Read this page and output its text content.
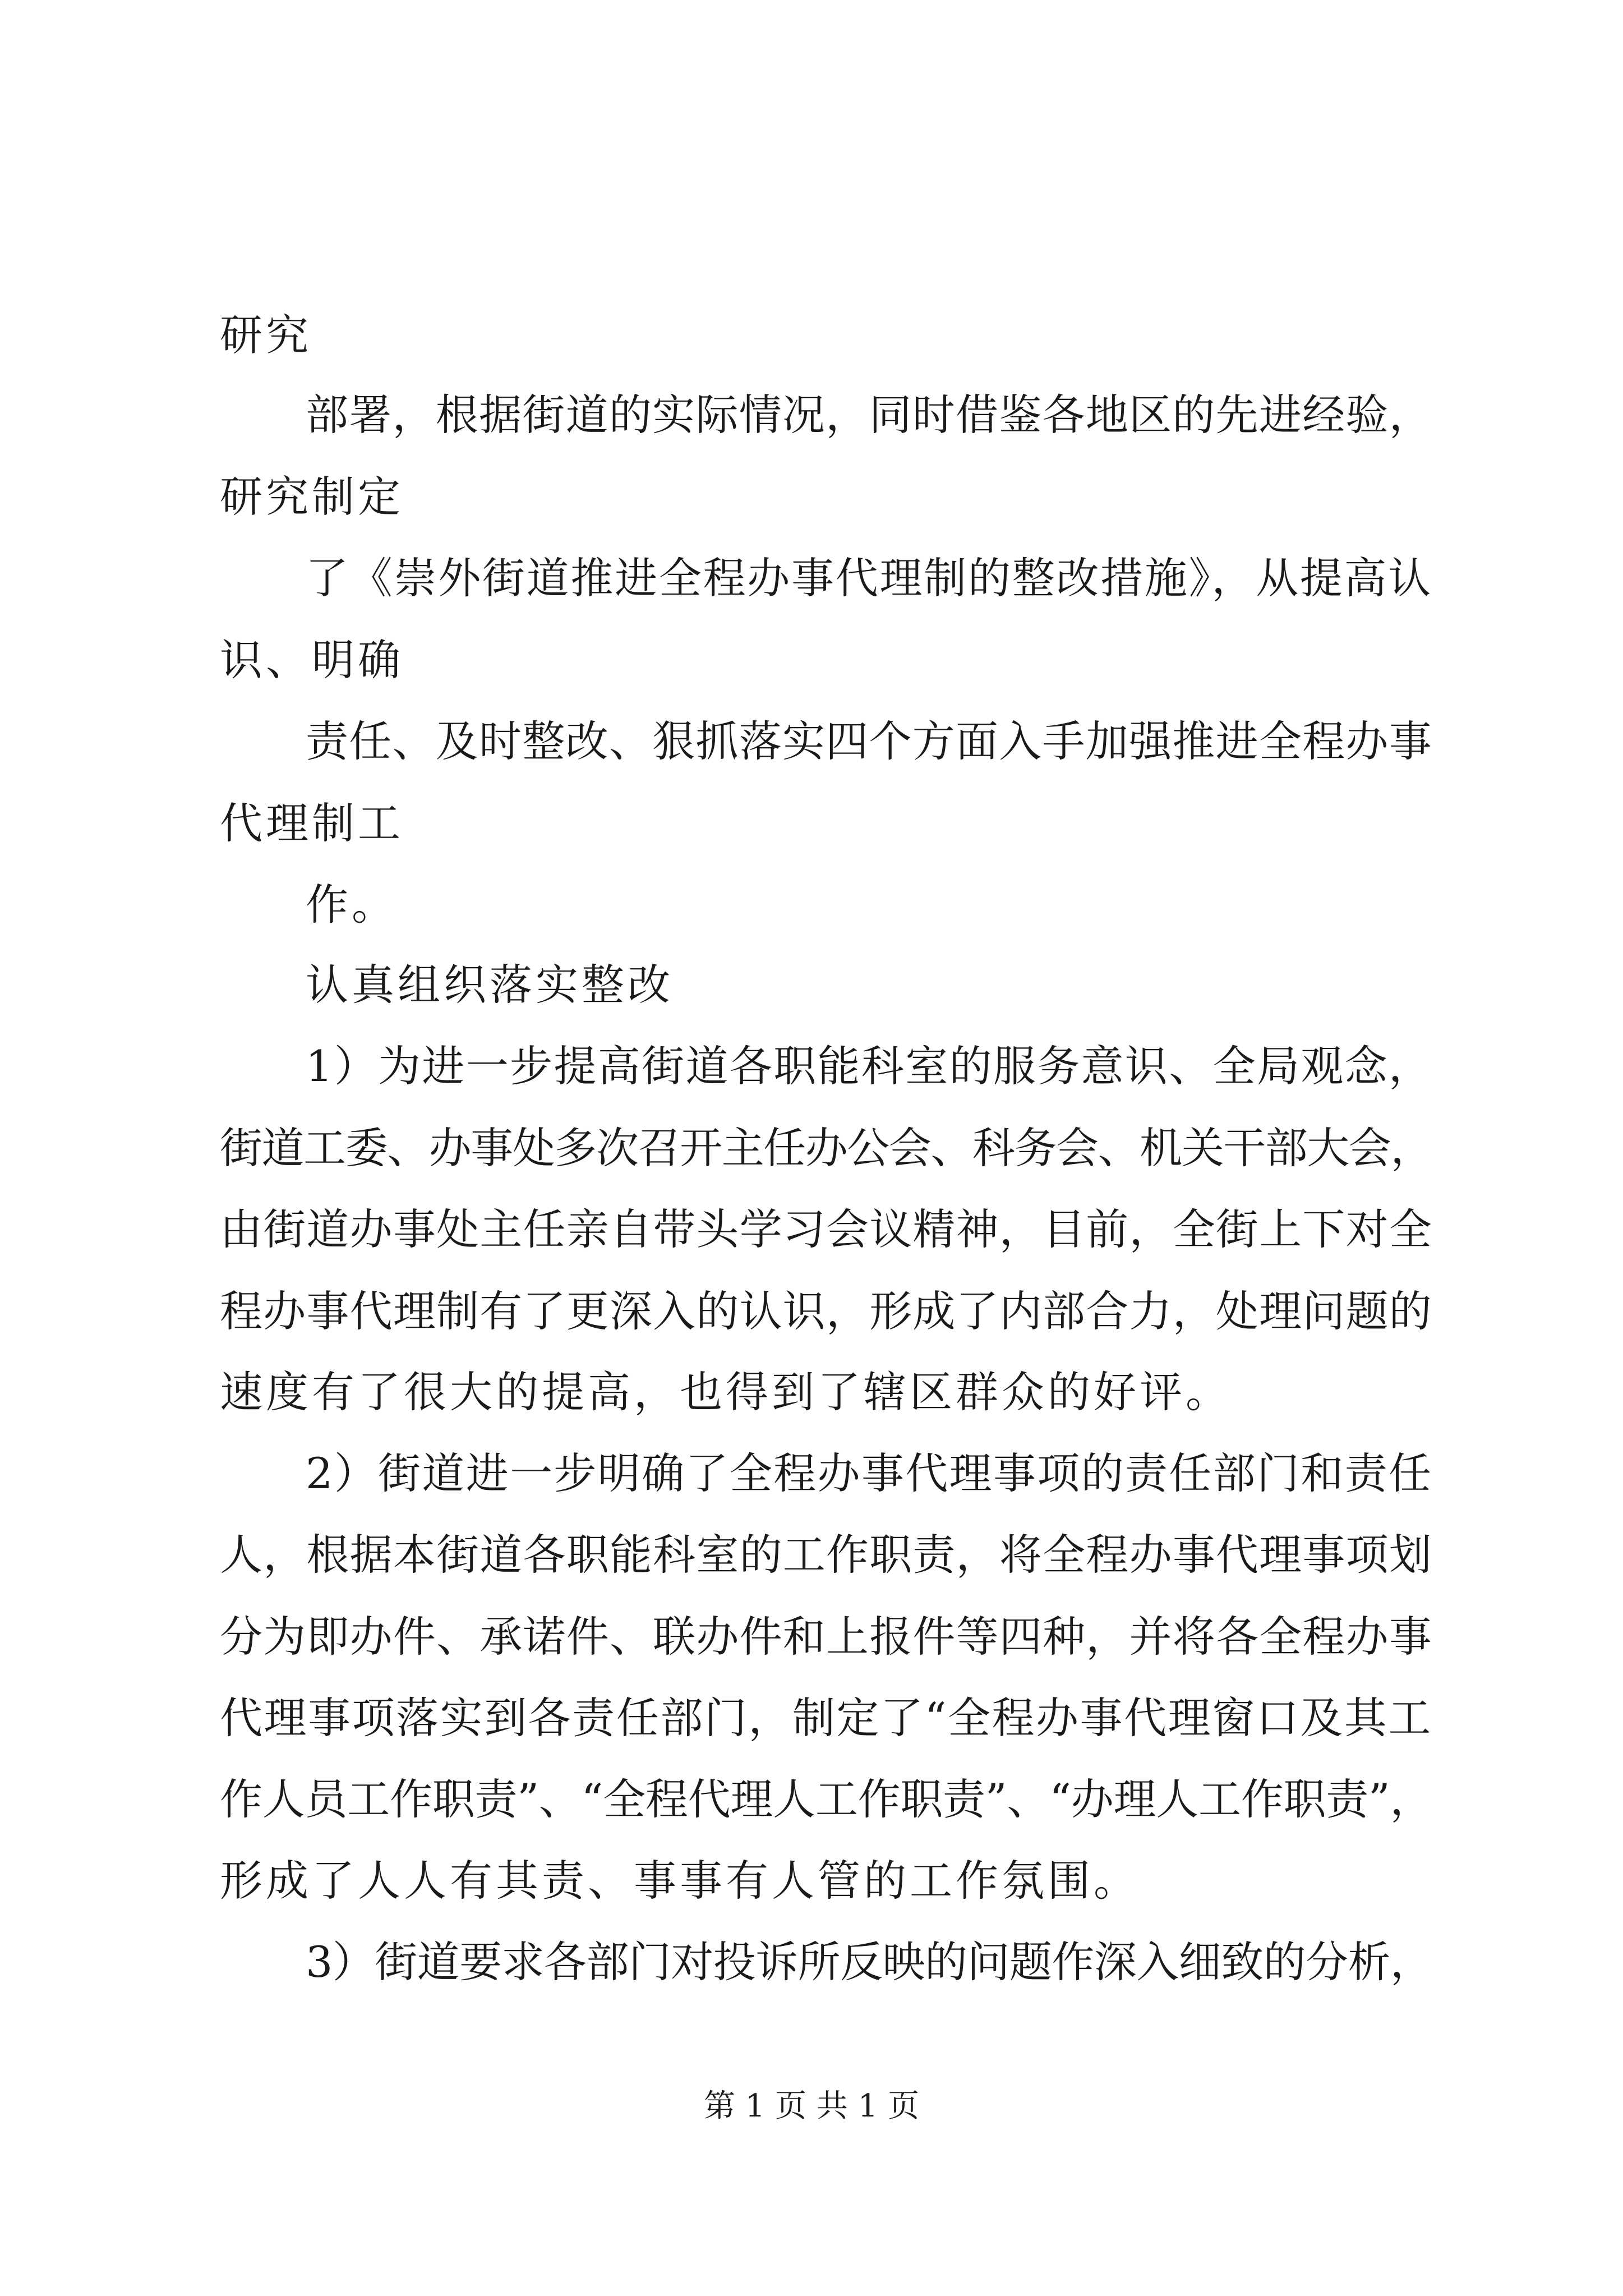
研究
部署，根据街道的实际情况，同时借鉴各地区的先进经验，
研究制定
了《崇外街道推进全程办事代理制的整改措施》，从提高认
识、明确
责任、及时整改、狠抓落实四个方面入手加强推进全程办事
代理制工
作。
认真组织落实整改
1）为进一步提高街道各职能科室的服务意识、全局观念，
街道工委、办事处多次召开主任办公会、科务会、机关干部大会，
由街道办事处主任亲自带头学习会议精神，目前，全街上下对全
程办事代理制有了更深入的认识，形成了内部合力，处理问题的
速度有了很大的提高，也得到了辖区群众的好评。
2）街道进一步明确了全程办事代理事项的责任部门和责任
人，根据本街道各职能科室的工作职责，将全程办事代理事项划
分为即办件、承诺件、联办件和上报件等四种，并将各全程办事
代理事项落实到各责任部门，制定了“全程办事代理窗口及其工
作人员工作职责”、“全程代理人工作职责”、“办理人工作职责”，
形成了人人有其责、事事有人管的工作氛围。
3）街道要求各部门对投诉所反映的问题作深入细致的分析，
第 1 页 共 1 页
